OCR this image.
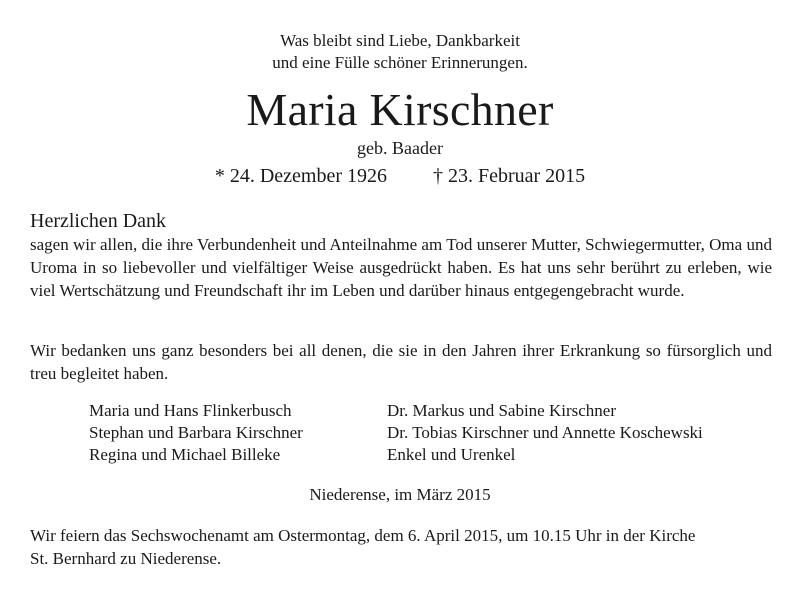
Was bleibt sind Liebe, Dankbarkeit
und eine Fülle schöner Erinnerungen.
Maria Kirschner
geb. Baader
* 24. Dezember 1926 † 23. Februar 2015
Herzlichen Dank
sagen wir allen, die ihre Verbundenheit und Anteilnahme am Tod unserer Mutter, Schwiegermutter, Oma und Uroma in so liebevoller und vielfältiger Weise ausgedrückt haben. Es hat uns sehr berührt zu erleben, wie viel Wertschätzung und Freundschaft ihr im Leben und darüber hinaus entgegengebracht wurde.
Wir bedanken uns ganz besonders bei all denen, die sie in den Jahren ihrer Erkrankung so fürsorglich und treu begleitet haben.
Maria und Hans Flinkerbusch
Stephan und Barbara Kirschner
Regina und Michael Billeke
Dr. Markus und Sabine Kirschner
Dr. Tobias Kirschner und Annette Koschewski
Enkel und Urenkel
Niederense, im März 2015
Wir feiern das Sechswochenamt am Ostermontag, dem 6. April 2015, um 10.15 Uhr in der Kirche
St. Bernhard zu Niederense.
